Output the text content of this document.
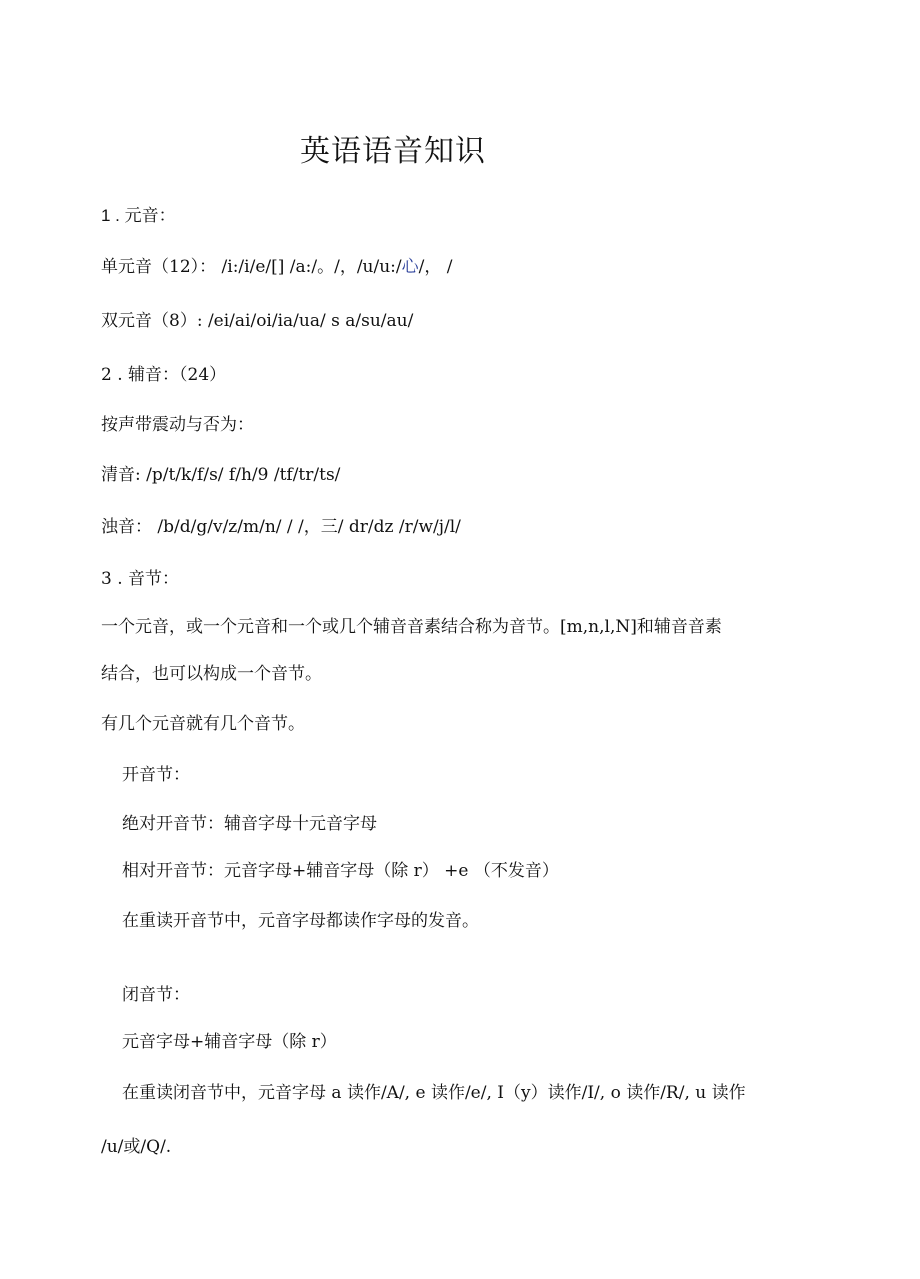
英语语音知识
1 . 元音：
单元音（12）： /i:/i/e/[] /a:/。/，/u/u:/心/， /
双元音（8）: /ei/ai/oi/ia/ua/ s a/su/au/
2 . 辅音：（24）
按声带震动与否为：
清音: /p/t/k/f/s/ f/h/9 /tf/tr/ts/
浊音： /b/d/g/v/z/m/n/ / /，三/ dr/dz /r/w/j/l/
3 . 音节：
一个元音，或一个元音和一个或几个辅音音素结合称为音节。[m,n,l,N]和辅音音素
结合，也可以构成一个音节。
有几个元音就有几个音节。
开音节：
绝对开音节：辅音字母十元音字母
相对开音节：元音字母+辅音字母（除 r） +e （不发音）
在重读开音节中，元音字母都读作字母的发音。
闭音节：
元音字母+辅音字母（除 r）
在重读闭音节中，元音字母 a 读作/A/, e 读作/e/, I（y）读作/I/, o 读作/R/, u 读作
/u/或/Q/.
